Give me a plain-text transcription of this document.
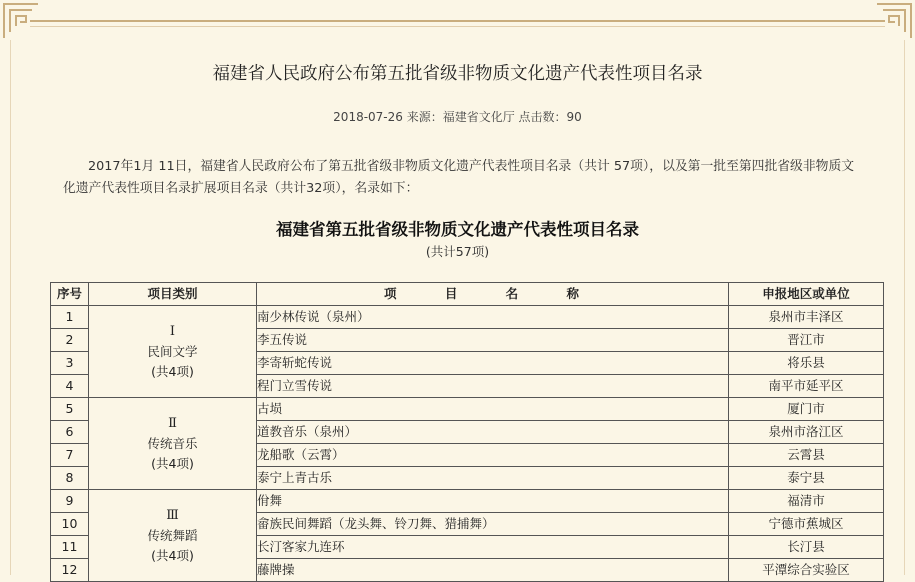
福建省人民政府公布第五批省级非物质文化遗产代表性项目名录
2018-07-26 来源：福建省文化厅 点击数：90
2017年1月 11日，福建省人民政府公布了第五批省级非物质文化遗产代表性项目名录（共计 57项），以及第一批至第四批省级非物质文化遗产代表性项目名录扩展项目名录（共计32项），名录如下：
福建省第五批省级非物质文化遗产代表性项目名录
(共计57项)
序号	项目类别	项 目 名 称	申报地区或单位
1	Ⅰ
民间文学
(共4项)	南少林传说（泉州）	泉州市丰泽区
2		李五传说	晋江市
3		李寄斩蛇传说	将乐县
4		程门立雪传说	南平市延平区
5	Ⅱ
传统音乐
(共4项)	古埙	厦门市
6		道教音乐（泉州）	泉州市洛江区
7		龙船歌（云霄）	云霄县
8		泰宁上青古乐	泰宁县
9	Ⅲ
传统舞蹈
(共4项)	佾舞	福清市
10		畲族民间舞蹈（龙头舞、铃刀舞、猎捕舞）	宁德市蕉城区
11		长汀客家九连环	长汀县
12		藤牌操	平潭综合实验区
